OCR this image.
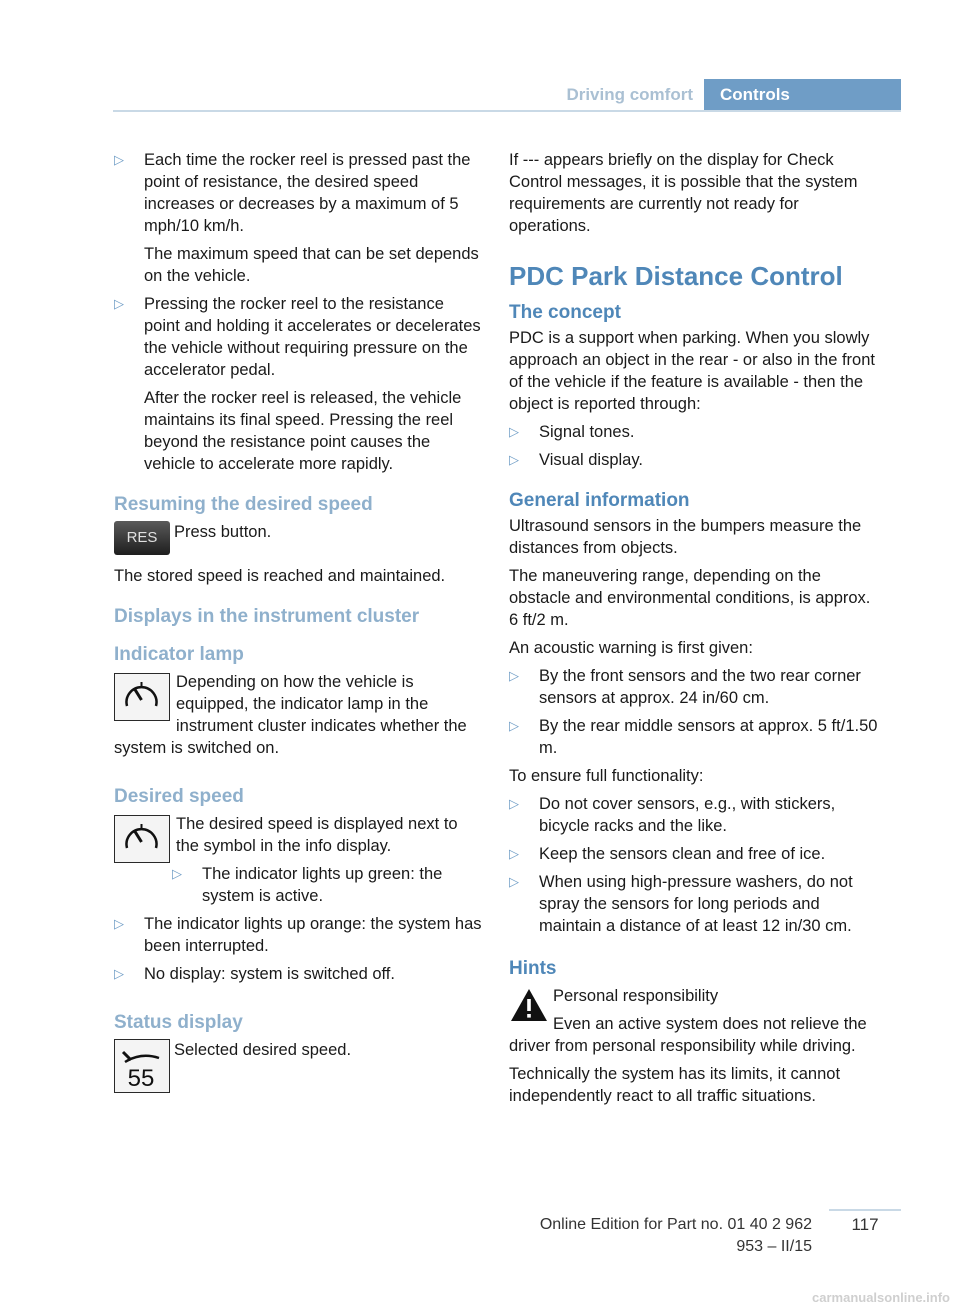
Driving comfort	Controls
▷ Each time the rocker reel is pressed past the point of resistance, the desired speed increases or decreases by a maximum of 5 mph/10 km/h.
The maximum speed that can be set depends on the vehicle.
▷ Pressing the rocker reel to the resistance point and holding it accelerates or decelerates the vehicle without requiring pressure on the accelerator pedal.
After the rocker reel is released, the vehicle maintains its final speed. Pressing the reel beyond the resistance point causes the vehicle to accelerate more rapidly.
Resuming the desired speed
RES	Press button.

The stored speed is reached and maintained.

Displays in the instrument cluster
Indicator lamp
Depending on how the vehicle is equipped, the indicator lamp in the instrument cluster indicates whether the system is switched on.
Desired speed

The desired speed is displayed next to the symbol in the info display.

▷ The indicator lights up green: the system is active.
▷ The indicator lights up orange: the system has been interrupted.
▷ No display: system is switched off.
Status display
55
Selected desired speed.

If --- appears briefly on the display for Check Control messages, it is possible that the system requirements are currently not ready for operations.

PDC Park Distance Control
The concept

PDC is a support when parking. When you slowly approach an object in the rear - or also in the front of the vehicle if the feature is available - then the object is reported through:

▷ Signal tones.
▷ Visual display.
General information

Ultrasound sensors in the bumpers measure the distances from objects.

The maneuvering range, depending on the obstacle and environmental conditions, is approx. 6 ft/2 m.

An acoustic warning is first given:

▷ By the front sensors and the two rear corner sensors at approx. 24 in/60 cm.
▷ By the rear middle sensors at approx. 5 ft/1.50 m.

To ensure full functionality:

▷ Do not cover sensors, e.g., with stickers, bicycle racks and the like.
▷ Keep the sensors clean and free of ice.
▷ When using high-pressure washers, do not spray the sensors for long periods and maintain a distance of at least 12 in/30 cm.
Hints

Personal responsibility

Even an active system does not relieve the driver from personal responsibility while driving.

Technically the system has its limits, it cannot independently react to all traffic situations.

Online Edition for Part no. 01 40 2 962 953 – II/15
117
carmanualsonline.info
